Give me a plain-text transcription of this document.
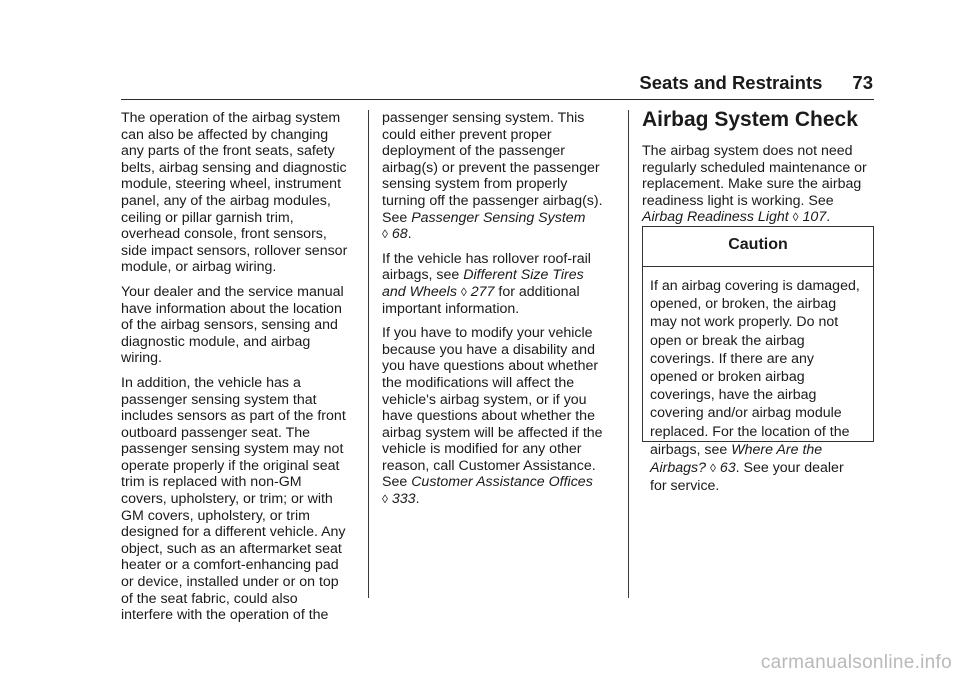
Seats and Restraints 73

The operation of the airbag system
can also be affected by changing
any parts of the front seats, safety
belts, airbag sensing and diagnostic
module, steering wheel, instrument
panel, any of the airbag modules,
ceiling or pillar garnish trim,
overhead console, front sensors,
side impact sensors, rollover sensor
module, or airbag wiring.

Your dealer and the service manual
have information about the location
of the airbag sensors, sensing and
diagnostic module, and airbag
wiring.

In addition, the vehicle has a
passenger sensing system that
includes sensors as part of the front
outboard passenger seat. The
passenger sensing system may not
operate properly if the original seat
trim is replaced with non-GM
covers, upholstery, or trim; or with
GM covers, upholstery, or trim
designed for a different vehicle. Any
object, such as an aftermarket seat
heater or a comfort-enhancing pad
or device, installed under or on top
of the seat fabric, could also
interfere with the operation of the

passenger sensing system. This
could either prevent proper
deployment of the passenger
airbag(s) or prevent the passenger
sensing system from properly
turning off the passenger airbag(s).
See Passenger Sensing System
◊ 68.

If the vehicle has rollover roof-rail
airbags, see Different Size Tires
and Wheels ◊ 277 for additional
important information.

If you have to modify your vehicle
because you have a disability and
you have questions about whether
the modifications will affect the
vehicle's airbag system, or if you
have questions about whether the
airbag system will be affected if the
vehicle is modified for any other
reason, call Customer Assistance.
See Customer Assistance Offices
◊ 333.

Airbag System Check

The airbag system does not need
regularly scheduled maintenance or
replacement. Make sure the airbag
readiness light is working. See
Airbag Readiness Light ◊ 107.

Caution
If an airbag covering is damaged,
opened, or broken, the airbag
may not work properly. Do not
open or break the airbag
coverings. If there are any
opened or broken airbag
coverings, have the airbag
covering and/or airbag module
replaced. For the location of the
airbags, see Where Are the
Airbags? ◊ 63. See your dealer
for service.
carmanualsonline.info
